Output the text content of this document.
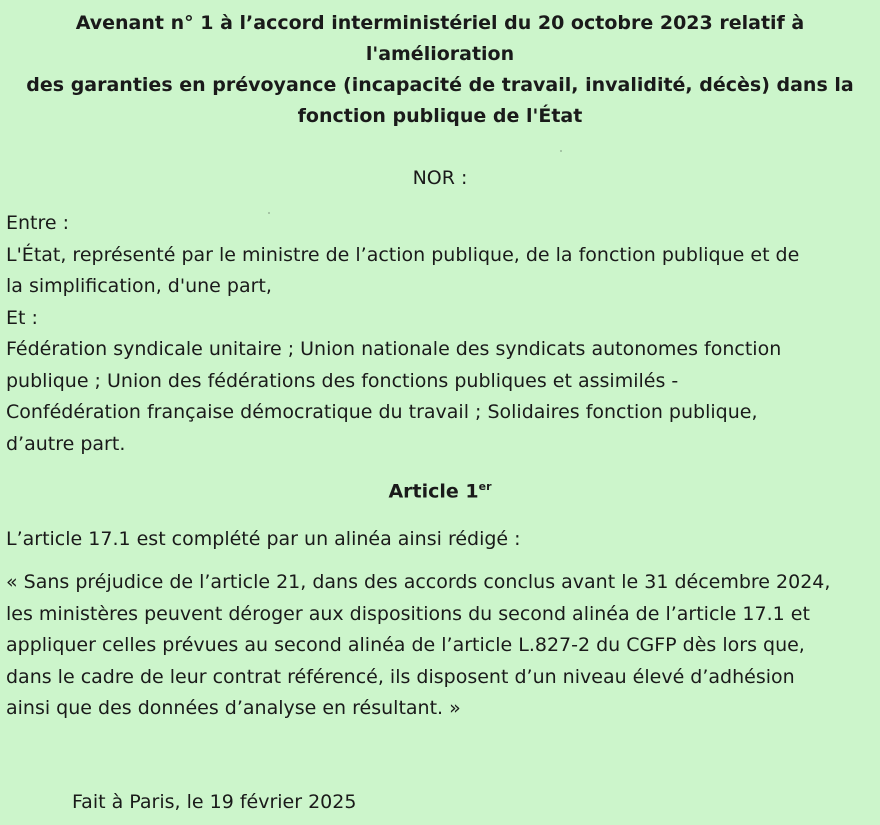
Avenant n° 1 à l’accord interministériel du 20 octobre 2023 relatif à l'amélioration
des garanties en prévoyance (incapacité de travail, invalidité, décès) dans la
fonction publique de l'État
NOR :
Entre :
L'État, représenté par le ministre de l’action publique, de la fonction publique et de
la simplification, d'une part,
Et :
Fédération syndicale unitaire ; Union nationale des syndicats autonomes fonction
publique ; Union des fédérations des fonctions publiques et assimilés -
Confédération française démocratique du travail ; Solidaires fonction publique,
d’autre part.
Article 1er
L’article 17.1 est complété par un alinéa ainsi rédigé :
« Sans préjudice de l’article 21, dans des accords conclus avant le 31 décembre 2024,
les ministères peuvent déroger aux dispositions du second alinéa de l’article 17.1 et
appliquer celles prévues au second alinéa de l’article L.827-2 du CGFP dès lors que,
dans le cadre de leur contrat référencé, ils disposent d’un niveau élevé d’adhésion
ainsi que des données d’analyse en résultant. »
Fait à Paris, le 19 février 2025
